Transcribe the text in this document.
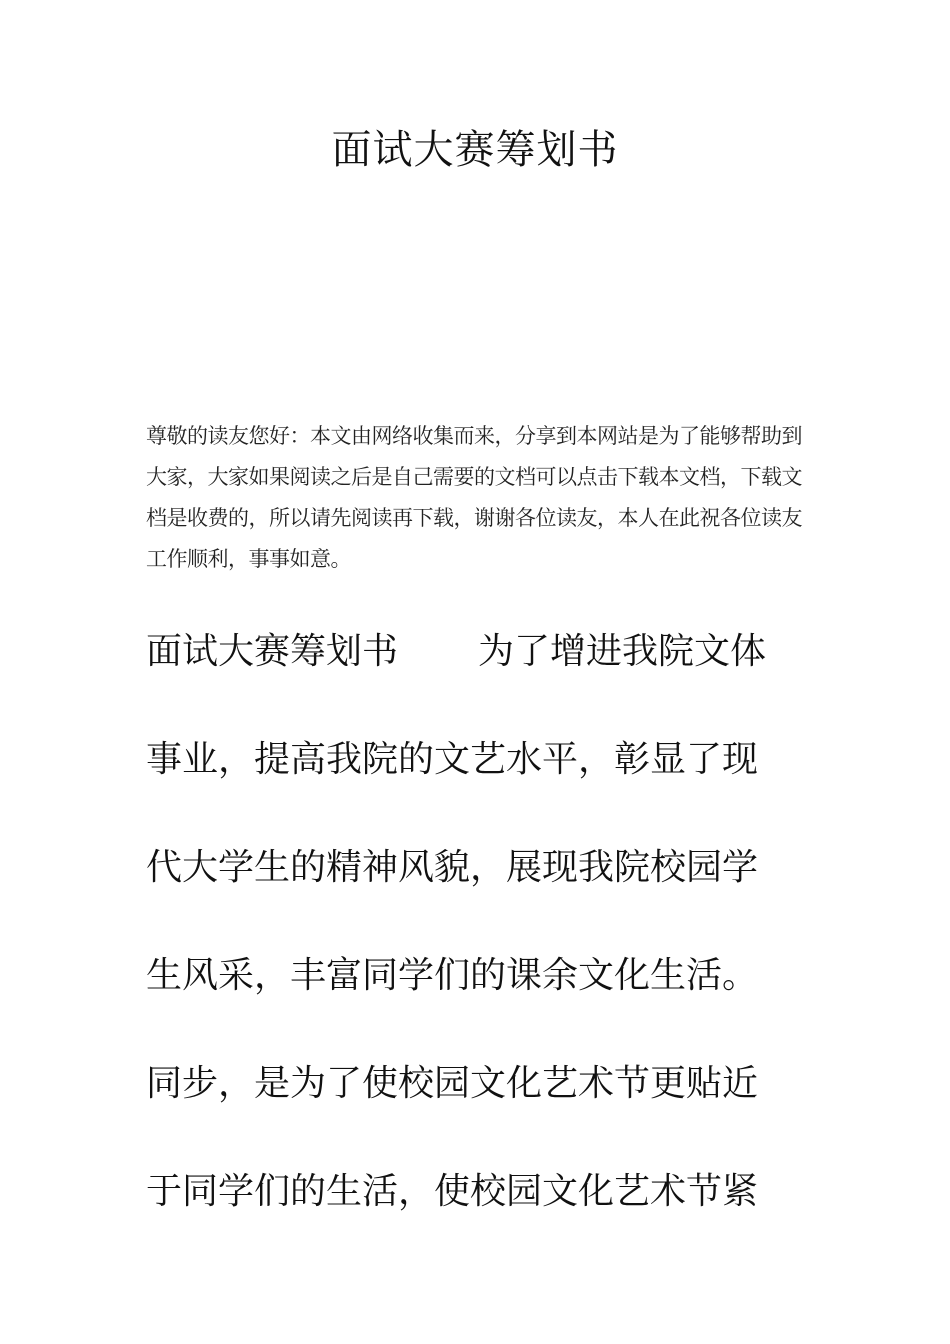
面试大赛筹划书

尊敬的读友您好：本文由网络收集而来，分享到本网站是为了能够帮助到大家，大家如果阅读之后是自己需要的文档可以点击下载本文档，下载文档是收费的，所以请先阅读再下载，谢谢各位读友，本人在此祝各位读友工作顺利，事事如意。

面试大赛筹划书 为了增进我院文体
事业，提高我院的文艺水平，彰显了现
代大学生的精神风貌，展现我院校园学
生风采，丰富同学们的课余文化生活。
同步，是为了使校园文化艺术节更贴近
于同学们的生活，使校园文化艺术节紧
